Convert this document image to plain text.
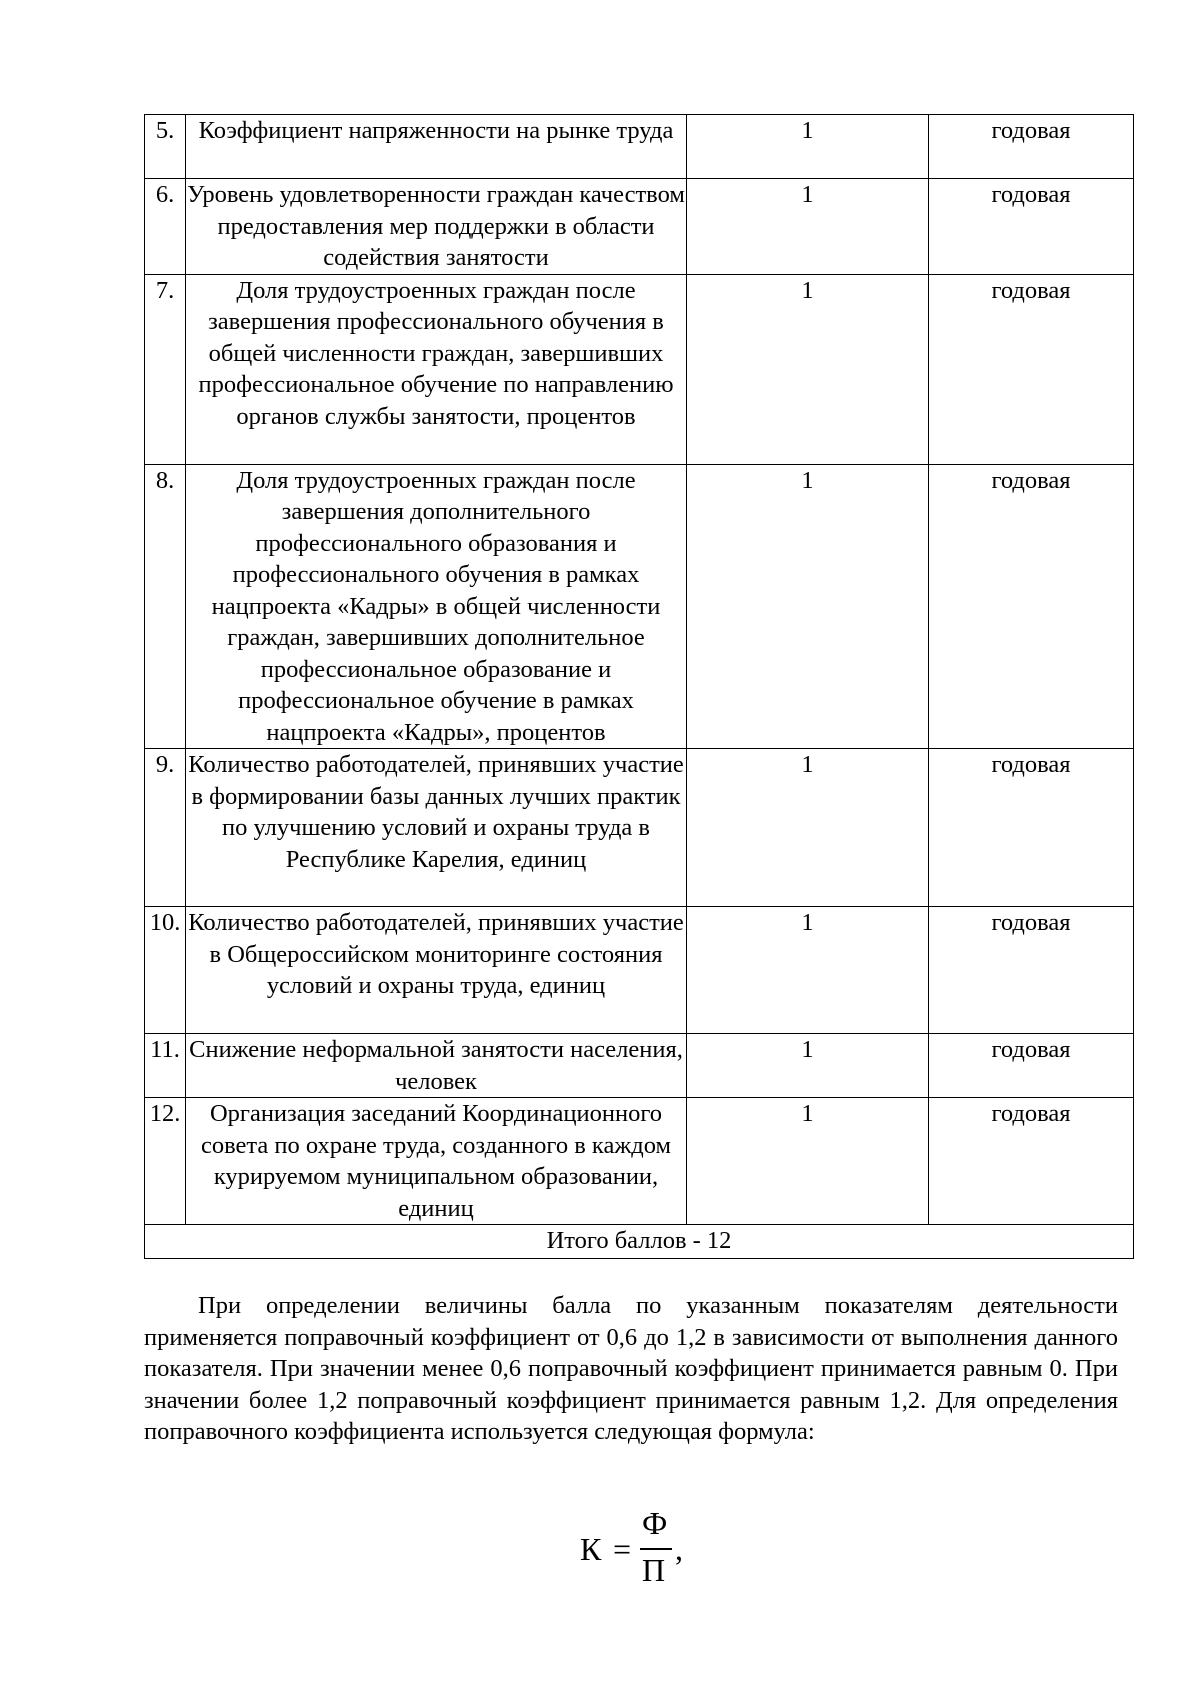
5.	Коэффициент напряженности на рынке труда	1	годовая
6.	Уровень удовлетворенности граждан качеством предоставления мер поддержки в области содействия занятости	1	годовая
7.	Доля трудоустроенных граждан после завершения профессионального обучения в общей численности граждан, завершивших профессиональное обучение по направлению органов службы занятости, процентов	1	годовая
8.	Доля трудоустроенных граждан после завершения дополнительного профессионального образования и профессионального обучения в рамках нацпроекта «Кадры» в общей численности граждан, завершивших дополнительное профессиональное образование и профессиональное обучение в рамках нацпроекта «Кадры», процентов	1	годовая
9.	Количество работодателей, принявших участие в формировании базы данных лучших практик по улучшению условий и охраны труда в Республике Карелия, единиц	1	годовая
10.	Количество работодателей, принявших участие в Общероссийском мониторинге состояния условий и охраны труда, единиц	1	годовая
11.	Снижение неформальной занятости населения, человек	1	годовая
12.	Организация заседаний Координационного совета по охране труда, созданного в каждом курируемом муниципальном образовании, единиц	1	годовая
Итого баллов - 12			

При определении величины балла по указанным показателям деятельности применяется поправочный коэффициент от 0,6 до 1,2 в зависимости от выполнения данного показателя. При значении менее 0,6 поправочный коэффициент принимается равным 0. При значении более 1,2 поправочный коэффициент принимается равным 1,2. Для определения поправочного коэффициента используется следующая формула:

К =
Ф
П
,
